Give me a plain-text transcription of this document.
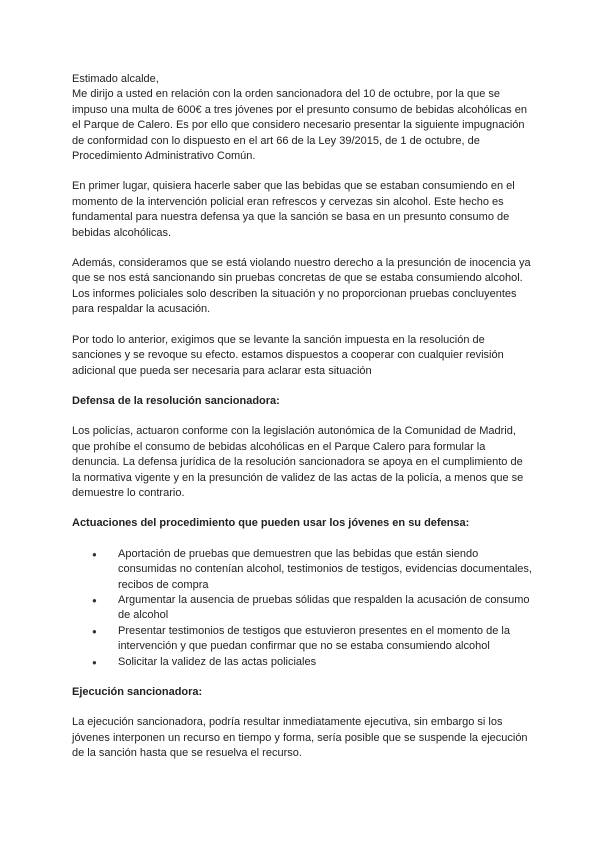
Estimado alcalde,

Me dirijo a usted en relación con la orden sancionadora del 10 de octubre, por la que se impuso una multa de 600€ a tres jóvenes por el presunto consumo de bebidas alcohólicas en el Parque de Calero. Es por ello que considero necesario presentar la siguiente impugnación de conformidad con lo dispuesto en el art 66 de la Ley 39/2015, de 1 de octubre, de Procedimiento Administrativo Común.

En primer lugar, quisiera hacerle saber que las bebidas que se estaban consumiendo en el momento de la intervención policial eran refrescos y cervezas sin alcohol. Este hecho es fundamental para nuestra defensa ya que la sanción se basa en un presunto consumo de bebidas alcohólicas.

Además, consideramos que se está violando nuestro derecho a la presunción de inocencia ya que se nos está sancionando sin pruebas concretas de que se estaba consumiendo alcohol. Los informes policiales solo describen la situación y no proporcionan pruebas concluyentes para respaldar la acusación.

Por todo lo anterior, exigimos que se levante la sanción impuesta en la resolución de sanciones y se revoque su efecto. estamos dispuestos a cooperar con cualquier revisión adicional que pueda ser necesaria para aclarar esta situación

Defensa de la resolución sancionadora:

Los policías, actuaron conforme con la legislación autonómica de la Comunidad de Madrid, que prohíbe el consumo de bebidas alcohólicas en el Parque Calero para formular la denuncia. La defensa jurídica de la resolución sancionadora se apoya en el cumplimiento de la normativa vigente y en la presunción de validez de las actas de la policía, a menos que se demuestre lo contrario.

Actuaciones del procedimiento que pueden usar los jóvenes en su defensa:
● Aportación de pruebas que demuestren que las bebidas que están siendo consumidas no contenían alcohol, testimonios de testigos, evidencias documentales, recibos de compra
● Argumentar la ausencia de pruebas sólidas que respalden la acusación de consumo de alcohol
● Presentar testimonios de testigos que estuvieron presentes en el momento de la intervención y que puedan confirmar que no se estaba consumiendo alcohol
● Solicitar la validez de las actas policiales
Ejecución sancionadora:

La ejecución sancionadora, podría resultar inmediatamente ejecutiva, sin embargo si los jóvenes interponen un recurso en tiempo y forma, sería posible que se suspende la ejecución de la sanción hasta que se resuelva el recurso.
